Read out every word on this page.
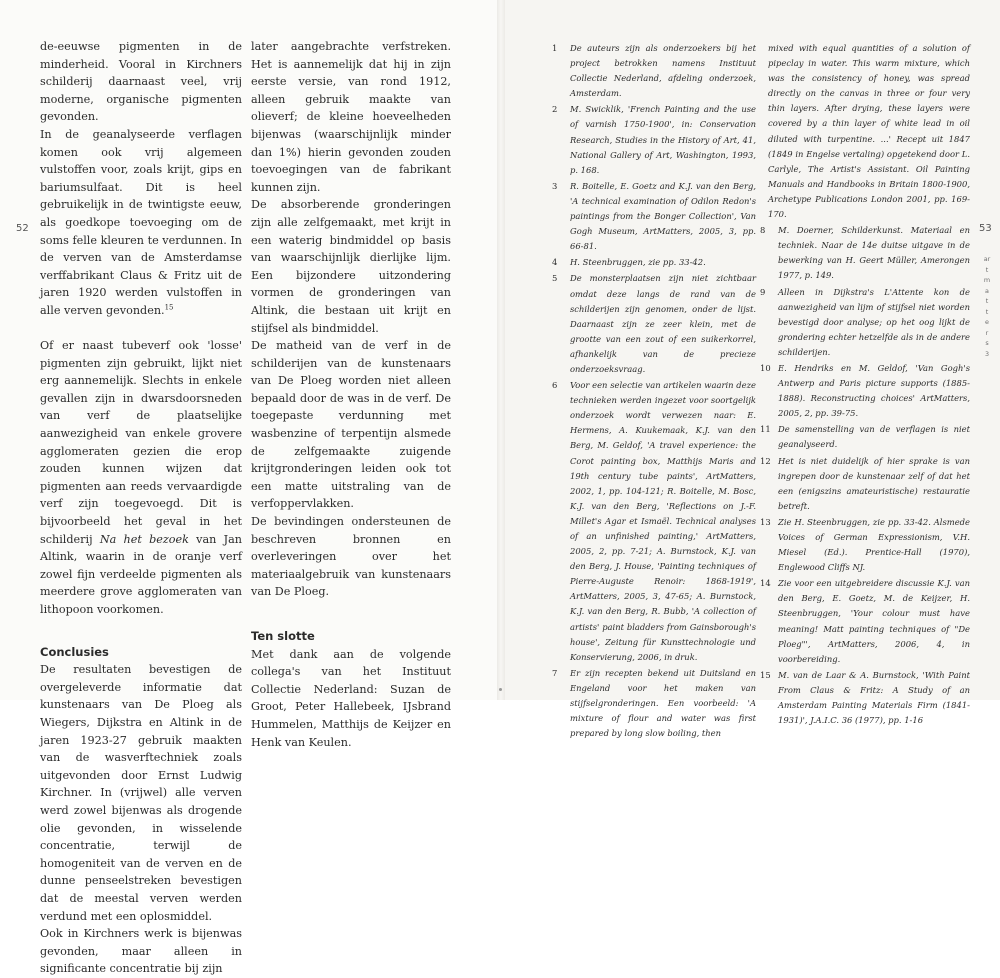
de-eeuwse pigmenten in de minderheid. Vooral in Kirchners schilderij daarnaast veel, vrij moderne, organische pigmenten gevonden.

In de geanalyseerde verflagen komen ook vrij algemeen vulstoffen voor, zoals krijt, gips en bariumsulfaat. Dit is heel gebruikelijk in de twintigste eeuw, als goedkope toevoeging om de soms felle kleuren te verdunnen. In de verven van de Amsterdamse verffabrikant Claus & Fritz uit de jaren 1920 werden vulstoffen in alle verven gevonden.$^{15}$

Of er naast tubeverf ook 'losse' pigmenten zijn gebruikt, lijkt niet erg aannemelijk. Slechts in enkele gevallen zijn in dwarsdoorsneden van verf de plaatselijke aanwezigheid van enkele grovere agglomeraten gezien die erop zouden kunnen wijzen dat pigmenten aan reeds vervaardigde verf zijn toegevoegd. Dit is bijvoorbeeld het geval in het schilderij Na het bezoek van Jan Altink, waarin in de oranje verf zowel fijn verdeelde pigmenten als meerdere grove agglomeraten van lithopoon voorkomen.

Conclusies

De resultaten bevestigen de overgeleverde informatie dat kunstenaars van De Ploeg als Wiegers, Dijkstra en Altink in de jaren 1923-27 gebruik maakten van de wasverftechniek zoals uitgevonden door Ernst Ludwig Kirchner. In (vrijwel) alle verven werd zowel bijenwas als drogende olie gevonden, in wisselende concentratie, terwijl de homogeniteit van de verven en de dunne penseelstreken bevestigen dat de meestal verven werden verdund met een oplosmiddel.

Ook in Kirchners werk is bijenwas gevonden, maar alleen in significante concentratie bij zijn

later aangebrachte verfstreken. Het is aannemelijk dat hij in zijn eerste versie, van rond 1912, alleen gebruik maakte van olieverf; de kleine hoeveelheden bijenwas (waarschijnlijk minder dan 1%) hierin gevonden zouden toevoegingen van de fabrikant kunnen zijn.

De absorberende gronderingen zijn alle zelfgemaakt, met krijt in een waterig bindmiddel op basis van waarschijnlijk dierlijke lijm. Een bijzondere uitzondering vormen de gronderingen van Altink, die bestaan uit krijt en stijfsel als bindmiddel.

De matheid van de verf in de schilderijen van de kunstenaars van De Ploeg worden niet alleen bepaald door de was in de verf. De toegepaste verdunning met wasbenzine of terpentijn alsmede de zelfgemaakte zuigende krijtgronderingen leiden ook tot een matte uitstraling van de verfoppervlakken.

De bevindingen ondersteunen de beschreven bronnen en overleveringen over het materiaalgebruik van kunstenaars van De Ploeg.

Ten slotte

Met dank aan de volgende collega's van het Instituut Collectie Nederland: Suzan de Groot, Peter Hallebeek, IJsbrand Hummelen, Matthijs de Keijzer en Henk van Keulen.

52

1 De auteurs zijn als onderzoekers bij het project betrokken namens Instituut Collectie Nederland, afdeling onderzoek, Amsterdam.

2 M. Swicklik, 'French Painting and the use of varnish 1750-1900', in: Conservation Research, Studies in the History of Art, 41, National Gallery of Art, Washington, 1993, p. 168.

3 R. Boitelle, E. Goetz and K.J. van den Berg, 'A technical examination of Odilon Redon's paintings from the Bonger Collection', Van Gogh Museum, ArtMatters, 2005, 3, pp. 66-81.

4 H. Steenbruggen, zie pp. 33-42.

5 De monsterplaatsen zijn niet zichtbaar omdat deze langs de rand van de schilderijen zijn genomen, onder de lijst. Daarnaast zijn ze zeer klein, met de grootte van een zout of een suikerkorrel, afhankelijk van de precieze onderzoeksvraag.

6 Voor een selectie van artikelen waarin deze technieken werden ingezet voor soortgelijk onderzoek wordt verwezen naar: E. Hermens, A. Kuukemaak, K.J. van den Berg, M. Geldof, 'A travel experience: the Corot painting box, Matthijs Maris and 19th century tube paints', ArtMatters, 2002, 1, pp. 104-121; R. Boitelle, M. Bosc, K.J. van den Berg, 'Reflections on J.-F. Millet's Agar et Ismaël. Technical analyses of an unfinished painting,' ArtMatters, 2005, 2, pp. 7-21; A. Burnstock, K.J. van den Berg, J. House, 'Painting techniques of Pierre-Auguste Renoir: 1868-1919', ArtMatters, 2005, 3, 47-65; A. Burnstock, K.J. van den Berg, R. Bubb, 'A collection of artists' paint bladders from Gainsborough's house', Zeitung für Kunsttechnologie und Konservierung, 2006, in druk.

7 Er zijn recepten bekend uit Duitsland en Engeland voor het maken van stijfselgronderingen. Een voorbeeld: 'A mixture of flour and water was first prepared by long slow boiling, then

mixed with equal quantities of a solution of pipeclay in water. This warm mixture, which was the consistency of honey, was spread directly on the canvas in three or four very thin layers. After drying, these layers were covered by a thin layer of white lead in oil diluted with turpentine. ...' Recept uit 1847 (1849 in Engelse vertaling) opgetekend door L. Carlyle, The Artist's Assistant. Oil Painting Manuals and Handbooks in Britain 1800-1900, Archetype Publications London 2001, pp. 169-170.

8 M. Doerner, Schilderkunst. Materiaal en techniek. Naar de 14e duitse uitgave in de bewerking van H. Geert Müller, Amerongen 1977, p. 149.

9 Alleen in Dijkstra's L'Attente kon de aanwezigheid van lijm of stijfsel niet worden bevestigd door analyse; op het oog lijkt de grondering echter hetzelfde als in de andere schilderijen.

10 E. Hendriks en M. Geldof, 'Van Gogh's Antwerp and Paris picture supports (1885-1888). Reconstructing choices' ArtMatters, 2005, 2, pp. 39-75.

11 De samenstelling van de verflagen is niet geanalyseerd.

12 Het is niet duidelijk of hier sprake is van ingrepen door de kunstenaar zelf of dat het een (enigszins amateuristische) restauratie betreft.

13 Zie H. Steenbruggen, zie pp. 33-42. Alsmede Voices of German Expressionism, V.H. Miesel (Ed.). Prentice-Hall (1970), Englewood Cliffs NJ.

14 Zie voor een uitgebreidere discussie K.J. van den Berg, E. Goetz, M. de Keijzer, H. Steenbruggen, 'Your colour must have meaning! Matt painting techniques of "De Ploeg"', ArtMatters, 2006, 4, in voorbereiding.

15 M. van de Laar & A. Burnstock, 'With Paint From Claus & Fritz: A Study of an Amsterdam Painting Materials Firm (1841-1931)', J.A.I.C. 36 (1977), pp. 1-16

53
ar
t
m
a
t
t
e
r
s
3
